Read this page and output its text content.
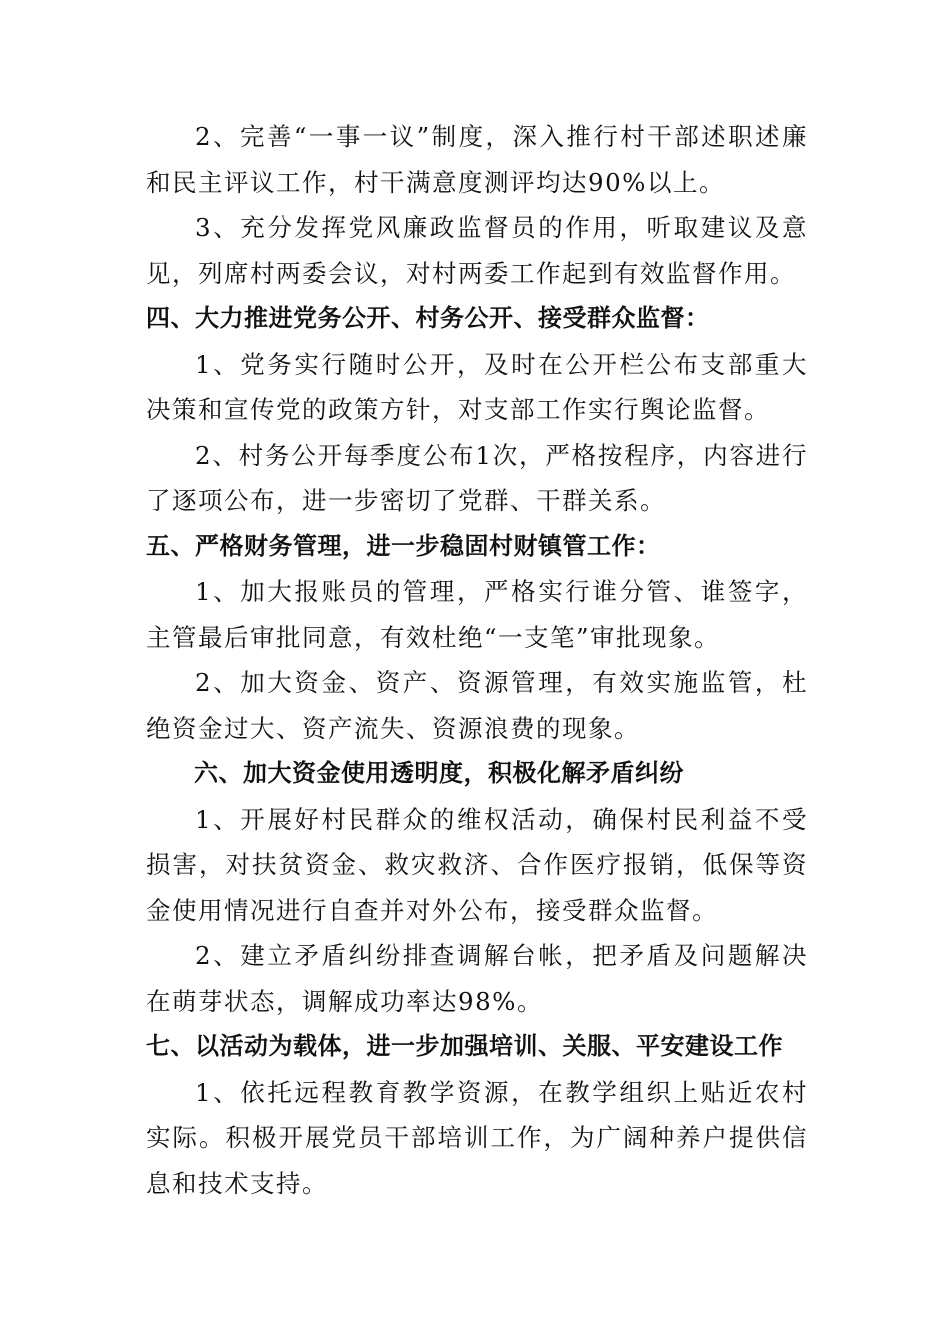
2、完善“一事一议”制度，深入推行村干部述职述廉和民主评议工作，村干满意度测评均达90%以上。

3、充分发挥党风廉政监督员的作用，听取建议及意见，列席村两委会议，对村两委工作起到有效监督作用。

四、大力推进党务公开、村务公开、接受群众监督：

1、党务实行随时公开，及时在公开栏公布支部重大决策和宣传党的政策方针，对支部工作实行舆论监督。

2、村务公开每季度公布1次，严格按程序，内容进行了逐项公布，进一步密切了党群、干群关系。

五、严格财务管理，进一步稳固村财镇管工作：

1、加大报账员的管理，严格实行谁分管、谁签字，主管最后审批同意，有效杜绝“一支笔”审批现象。

2、加大资金、资产、资源管理，有效实施监管，杜绝资金过大、资产流失、资源浪费的现象。

六、加大资金使用透明度，积极化解矛盾纠纷

1、开展好村民群众的维权活动，确保村民利益不受损害，对扶贫资金、救灾救济、合作医疗报销，低保等资金使用情况进行自查并对外公布，接受群众监督。

2、建立矛盾纠纷排查调解台帐，把矛盾及问题解决在萌芽状态，调解成功率达98%。

七、以活动为载体，进一步加强培训、关服、平安建设工作

1、依托远程教育教学资源，在教学组织上贴近农村实际。积极开展党员干部培训工作，为广阔种养户提供信息和技术支持。
